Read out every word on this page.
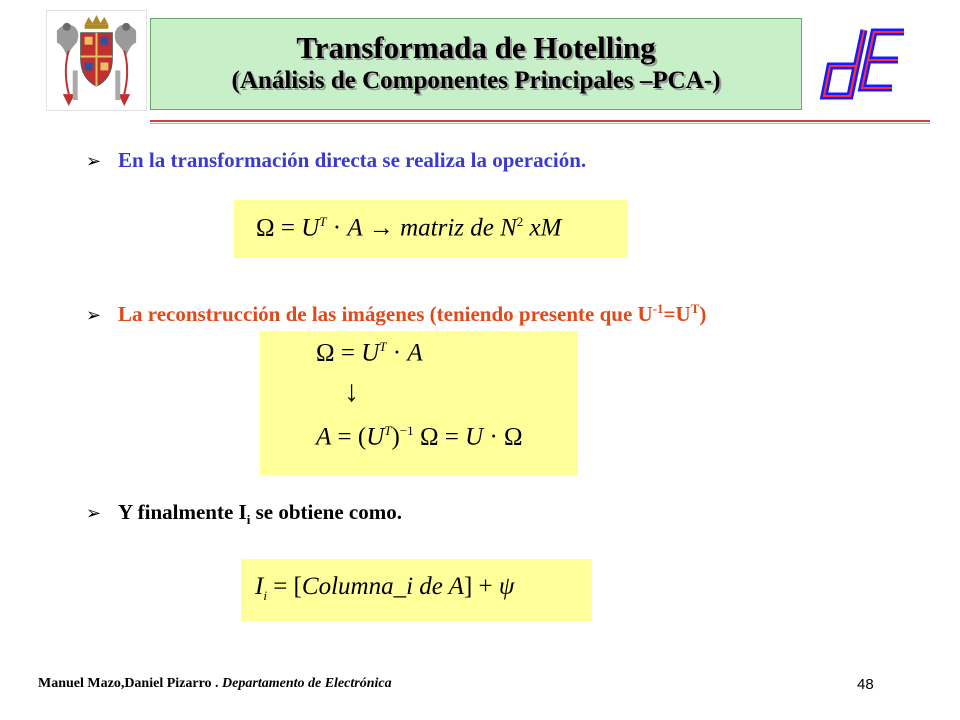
Transformada de Hotelling
(Análisis de Componentes Principales –PCA-)
➢ En la transformación directa se realiza la operación.
$\Omega = U^T \cdot A$ → matriz de $N^2$ xM
➢ La reconstrucción de las imágenes (teniendo presente que $U^{-1}=U^T$)
$\Omega = U^T \cdot A$
↓
$A = (U^T)^{-1}$ Ω = U · Ω
➢ Y finalmente $I_i$ se obtiene como.
$I_i$ = [Columna_i de A] + ψ
Manuel Mazo,Daniel Pizarro . Departamento de Electrónica	48
